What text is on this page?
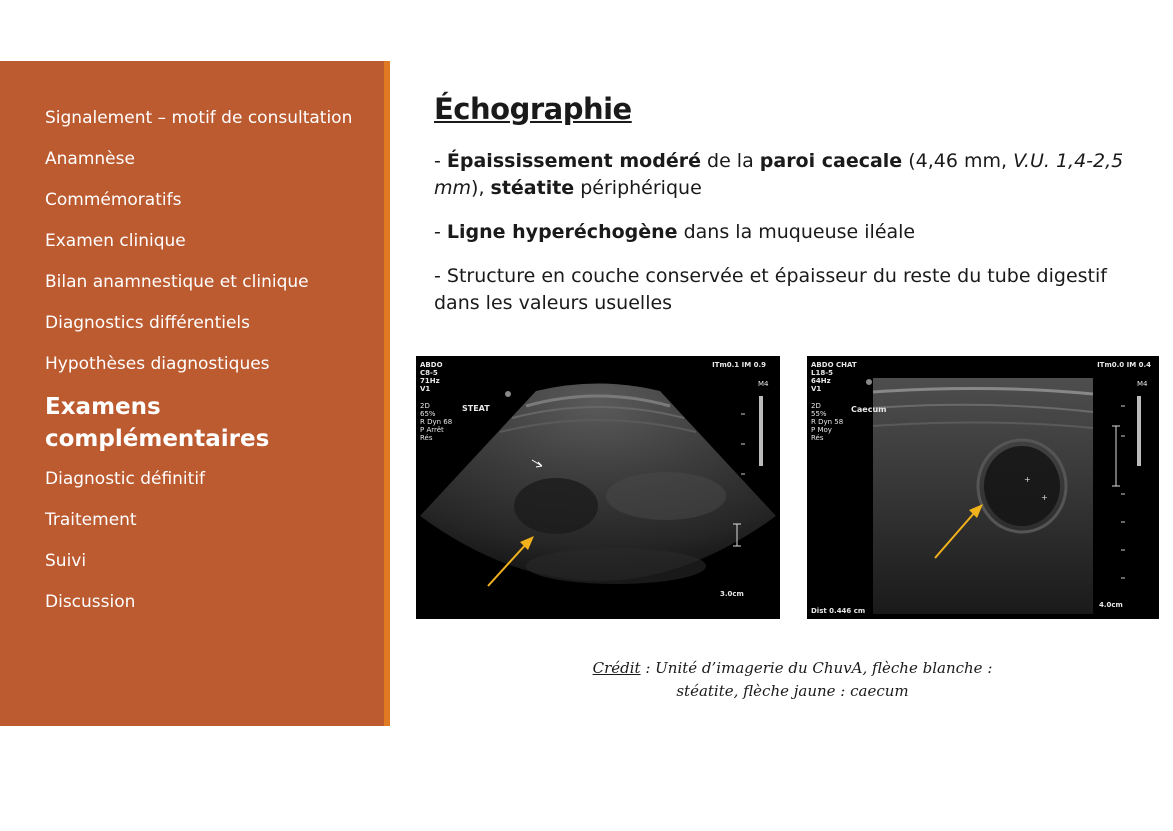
Signalement – motif de consultation
Anamnèse
Commémoratifs
Examen clinique
Bilan anamnestique et clinique
Diagnostics différentiels
Hypothèses diagnostiques
Examens complémentaires
Diagnostic définitif
Traitement
Suivi
Discussion
Échographie
- Épaississement modéré de la paroi caecale (4,46 mm, V.U. 1,4-2,5 mm), stéatite périphérique
- Ligne hyperéchogène dans la muqueuse iléale
- Structure en couche conservée et épaisseur du reste du tube digestif dans les valeurs usuelles
ABDO
C8-5
71Hz
V1
2D
65%
R Dyn 68
P Arrêt
Rés
ITm0.1 IM 0.9
STEAT
M4
3.0cm
+
+
ABDO CHAT
L18-5
64Hz
V1
2D
55%
R Dyn 58
P Moy
Rés
ITm0.0 IM 0.4
Caecum
M4
4.0cm
Dist 0.446 cm
Crédit : Unité d’imagerie du ChuvA, flèche blanche :
stéatite, flèche jaune : caecum
